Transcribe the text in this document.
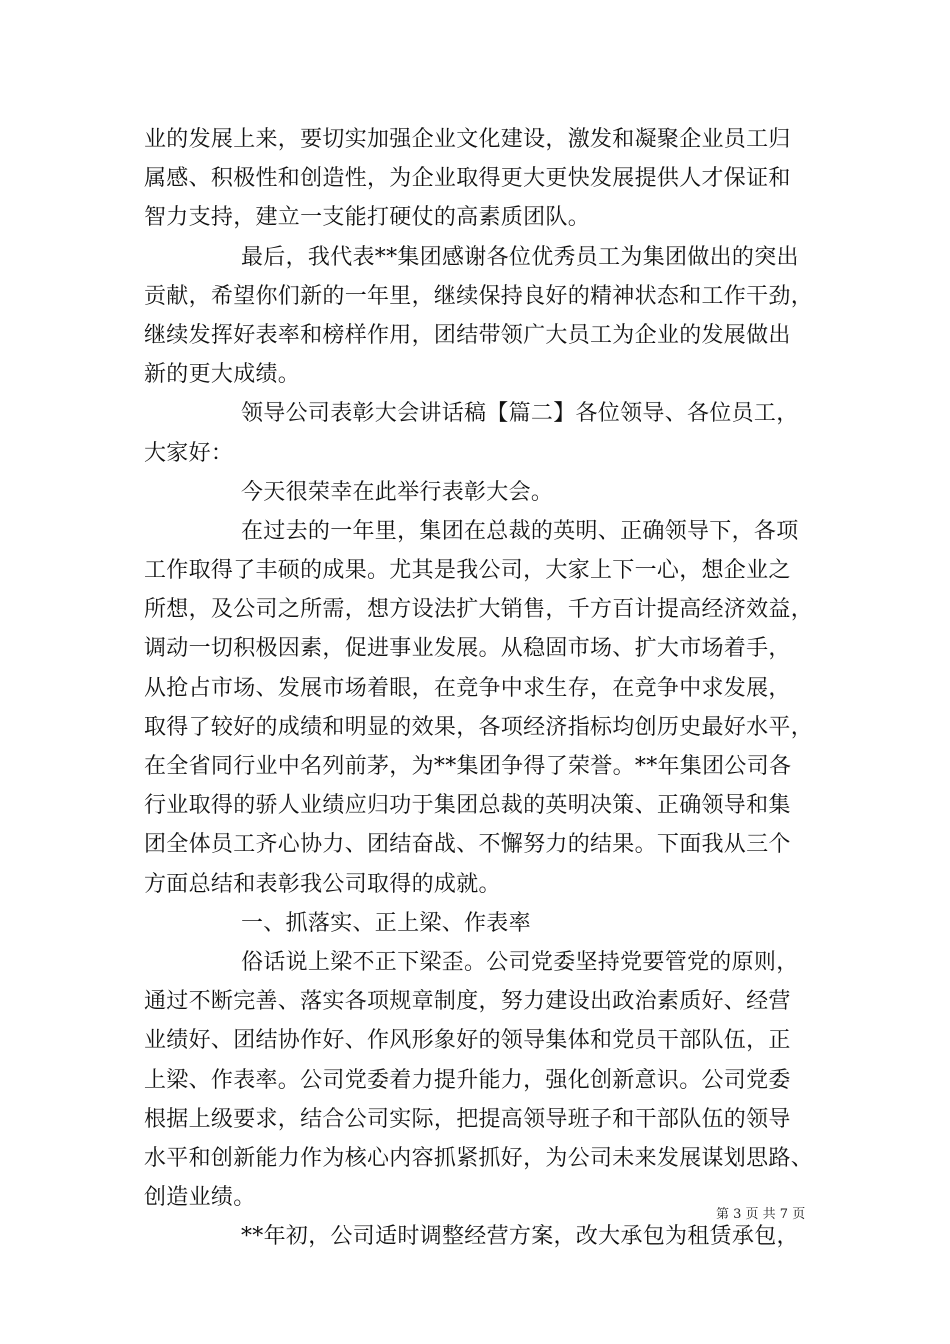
业的发展上来，要切实加强企业文化建设，激发和凝聚企业员工归
属感、积极性和创造性，为企业取得更大更快发展提供人才保证和
智力支持，建立一支能打硬仗的高素质团队。
最后，我代表**集团感谢各位优秀员工为集团做出的突出
贡献，希望你们新的一年里，继续保持良好的精神状态和工作干劲，
继续发挥好表率和榜样作用，团结带领广大员工为企业的发展做出
新的更大成绩。
领导公司表彰大会讲话稿【篇二】各位领导、各位员工，
大家好：
今天很荣幸在此举行表彰大会。
在过去的一年里，集团在总裁的英明、正确领导下，各项
工作取得了丰硕的成果。尤其是我公司，大家上下一心，想企业之
所想，及公司之所需，想方设法扩大销售，千方百计提高经济效益，
调动一切积极因素，促进事业发展。从稳固市场、扩大市场着手，
从抢占市场、发展市场着眼，在竞争中求生存，在竞争中求发展，
取得了较好的成绩和明显的效果，各项经济指标均创历史最好水平，
在全省同行业中名列前茅，为**集团争得了荣誉。**年集团公司各
行业取得的骄人业绩应归功于集团总裁的英明决策、正确领导和集
团全体员工齐心协力、团结奋战、不懈努力的结果。下面我从三个
方面总结和表彰我公司取得的成就。
一、抓落实、正上梁、作表率
俗话说上梁不正下梁歪。公司党委坚持党要管党的原则，
通过不断完善、落实各项规章制度，努力建设出政治素质好、经营
业绩好、团结协作好、作风形象好的领导集体和党员干部队伍，正
上梁、作表率。公司党委着力提升能力，强化创新意识。公司党委
根据上级要求，结合公司实际，把提高领导班子和干部队伍的领导
水平和创新能力作为核心内容抓紧抓好，为公司未来发展谋划思路、
创造业绩。
**年初，公司适时调整经营方案，改大承包为租赁承包，
第 3 页 共 7 页
